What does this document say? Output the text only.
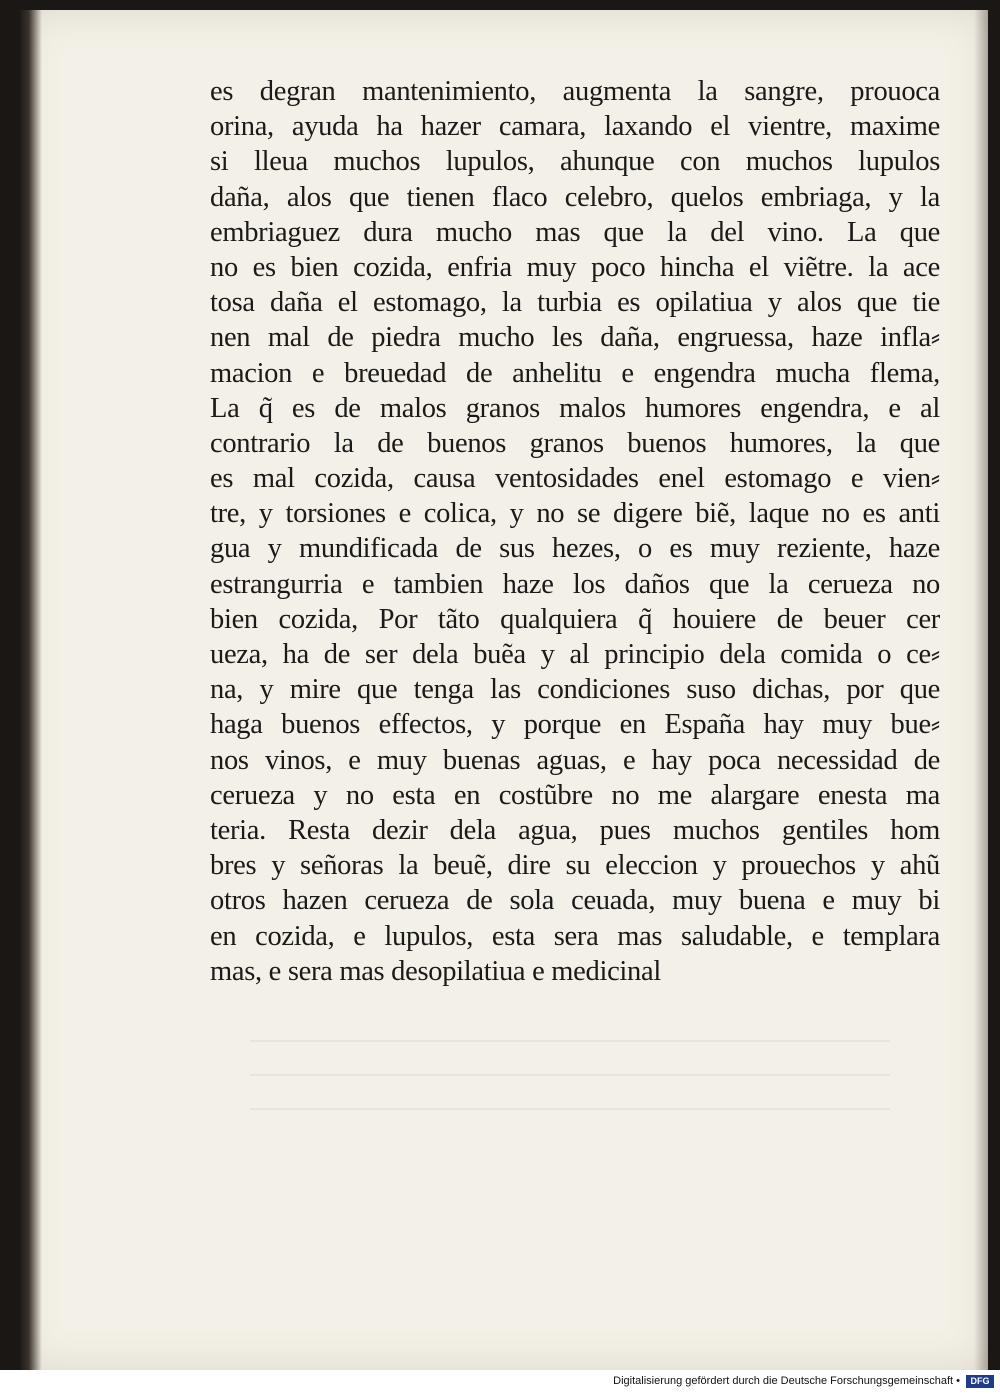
es degran mantenimiento, augmenta la sangre, prouoca
orina, ayuda ha hazer camara, laxando el vientre, maxime
si lleua muchos lupulos, ahunque con muchos lupulos
daña, alos que tienen flaco celebro, quelos embriaga, y la
embriaguez dura mucho mas que la del vino. La que
no es bien cozida, enfria muy poco hincha el viẽtre. la ace
tosa daña el estomago, la turbia es opilatiua y alos que tie
nen mal de piedra mucho les daña, engruessa, haze infla⸗
macion e breuedad de anhelitu e engendra mucha flema,
La q̃ es de malos granos malos humores engendra, e al
contrario la de buenos granos buenos humores, la que
es mal cozida, causa ventosidades enel estomago e vien⸗
tre, y torsiones e colica, y no se digere biẽ, laque no es anti
gua y mundificada de sus hezes, o es muy reziente, haze
estrangurria e tambien haze los daños que la cerueza no
bien cozida, Por tãto qualquiera q̃ houiere de beuer cer
ueza, ha de ser dela buẽa y al principio dela comida o ce⸗
na, y mire que tenga las condiciones suso dichas, por que
haga buenos effectos, y porque en España hay muy bue⸗
nos vinos, e muy buenas aguas, e hay poca necessidad de
cerueza y no esta en costũbre no me alargare enesta ma
teria. Resta dezir dela agua, pues muchos gentiles hom
bres y señoras la beuẽ, dire su eleccion y prouechos y ahũ
otros hazen cerueza de sola ceuada, muy buena e muy bi
en cozida, e lupulos, esta sera mas saludable, e templara
mas, e sera mas desopilatiua e medicinal
Digitalisierung gefördert durch die Deutsche Forschungsgemeinschaft •	DFG
